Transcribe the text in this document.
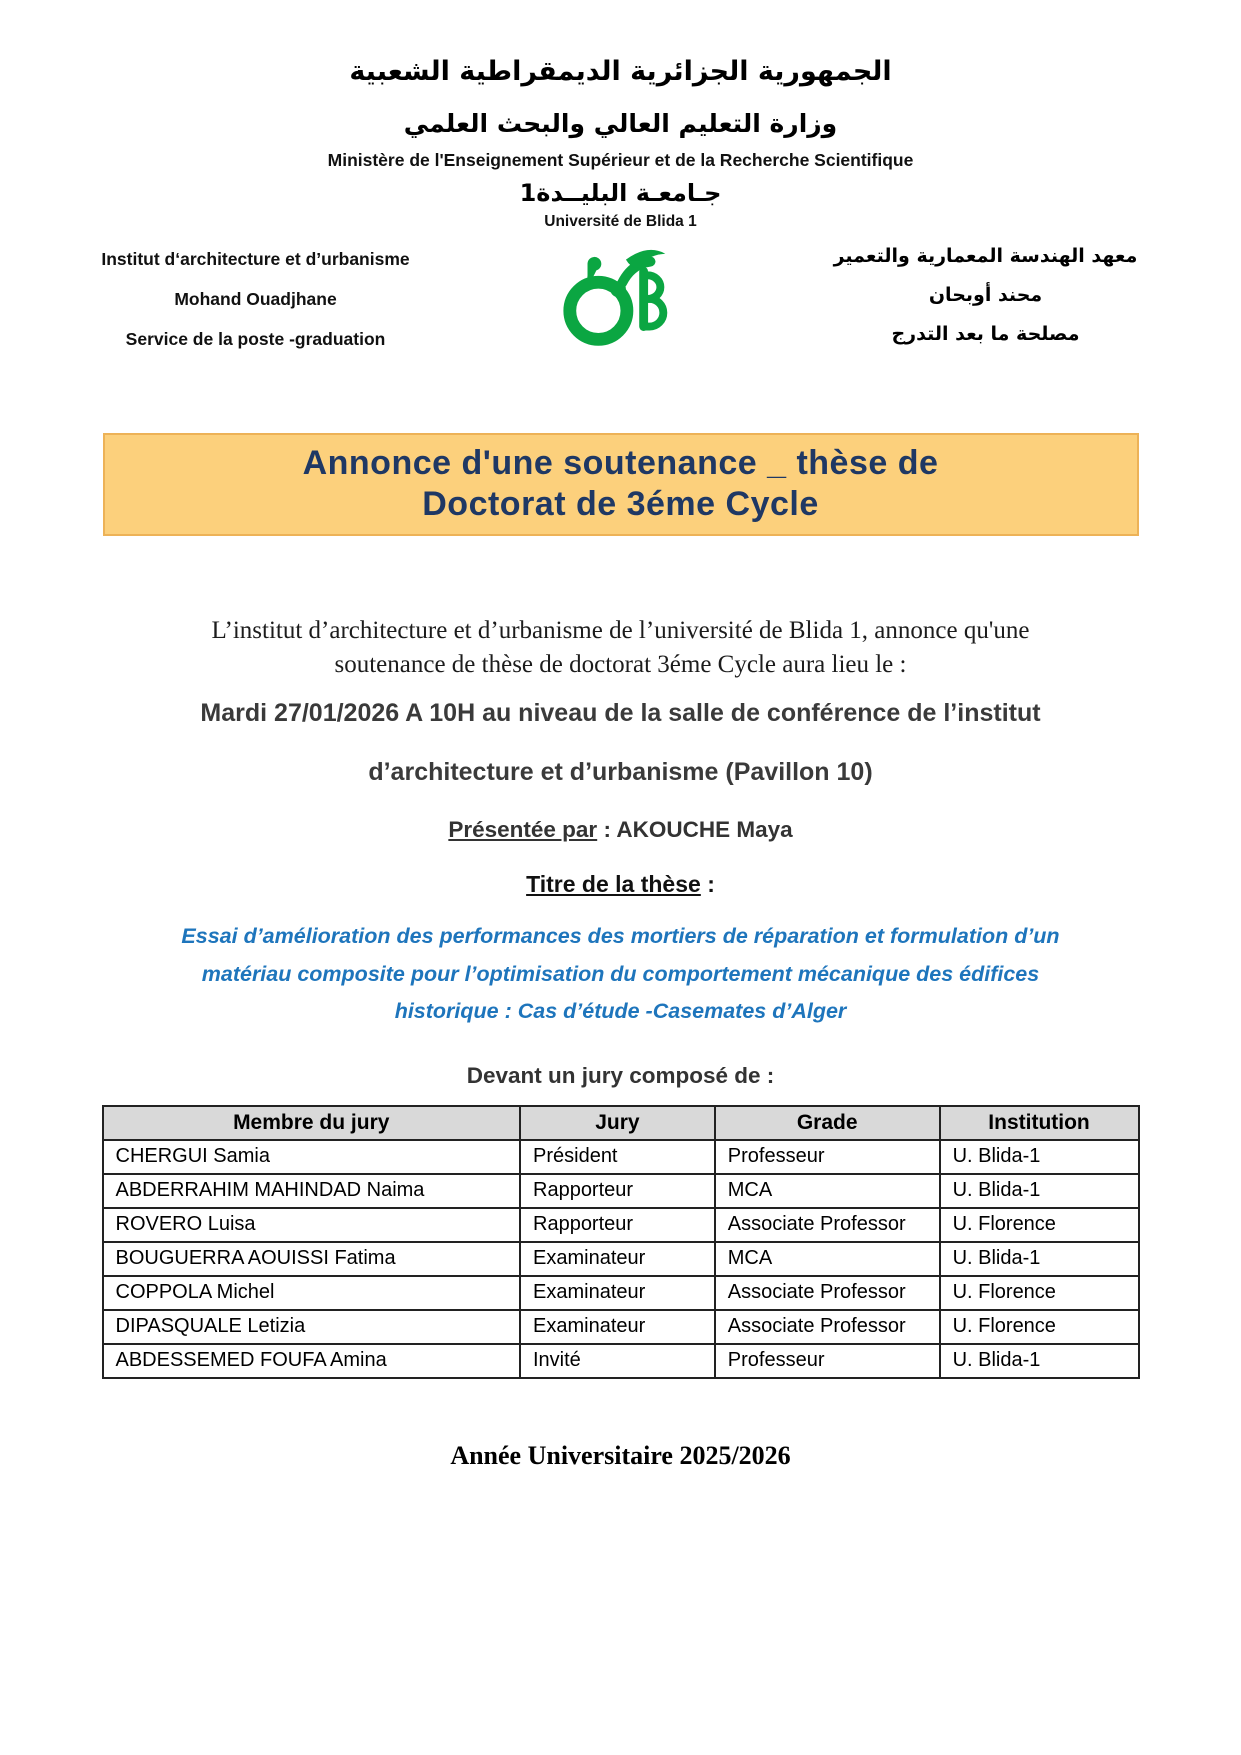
الجمهورية الجزائرية الديمقراطية الشعبية
وزارة التعليم العالي والبحث العلمي
Ministère de l'Enseignement Supérieur et de la Recherche Scientifique
جـامعـة البليــدة1
Université de Blida 1
Institut d‘architecture et d’urbanisme
Mohand Ouadjhane
Service de la poste -graduation
معهد الهندسة المعمارية والتعمير
محند أوبحان
مصلحة ما بعد التدرج
Annonce d'une soutenance _ thèse de
Doctorat de 3éme Cycle
L’institut d’architecture et d’urbanisme de l’université de Blida 1, annonce qu'une
soutenance de thèse de doctorat 3éme Cycle aura lieu le :
Mardi 27/01/2026 A 10H au niveau de la salle de conférence de l’institut
d’architecture et d’urbanisme (Pavillon 10)
Présentée par : AKOUCHE Maya
Titre de la thèse :
Essai d’amélioration des performances des mortiers de réparation et formulation d’un
matériau composite pour l’optimisation du comportement mécanique des édifices
historique : Cas d’étude -Casemates d’Alger
Devant un jury composé de :
Membre du jury	Jury	Grade	Institution
CHERGUI Samia	Président	Professeur	U. Blida-1
ABDERRAHIM MAHINDAD Naima	Rapporteur	MCA	U. Blida-1
ROVERO Luisa	Rapporteur	Associate Professor	U. Florence
BOUGUERRA AOUISSI Fatima	Examinateur	MCA	U. Blida-1
COPPOLA Michel	Examinateur	Associate Professor	U. Florence
DIPASQUALE Letizia	Examinateur	Associate Professor	U. Florence
ABDESSEMED FOUFA Amina	Invité	Professeur	U. Blida-1
Année Universitaire 2025/2026
